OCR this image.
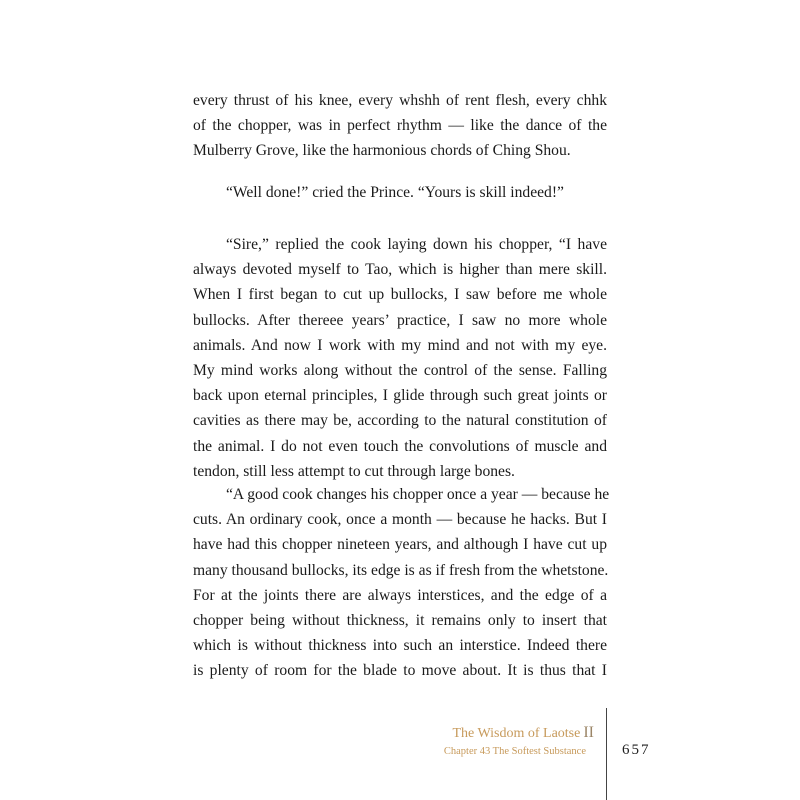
every thrust of his knee, every whshh of rent flesh, every chhk
of the chopper, was in perfect rhythm — like the dance of the
Mulberry Grove, like the harmonious chords of Ching Shou.
“Well done!” cried the Prince. “Yours is skill indeed!”
“Sire,” replied the cook laying down his chopper, “I have
always devoted myself to Tao, which is higher than mere skill.
When I first began to cut up bullocks, I saw before me whole
bullocks. After thereee years’ practice, I saw no more whole
animals. And now I work with my mind and not with my eye.
My mind works along without the control of the sense. Falling
back upon eternal principles, I glide through such great joints or
cavities as there may be, according to the natural constitution of
the animal. I do not even touch the convolutions of muscle and
tendon, still less attempt to cut through large bones.
“A good cook changes his chopper once a year — because he
cuts. An ordinary cook, once a month — because he hacks. But I
have had this chopper nineteen years, and although I have cut up
many thousand bullocks, its edge is as if fresh from the whetstone.
For at the joints there are always interstices, and the edge of a
chopper being without thickness, it remains only to insert that
which is without thickness into such an interstice. Indeed there
is plenty of room for the blade to move about. It is thus that I
The Wisdom of Laotse II
Chapter 43 The Softest Substance 657
